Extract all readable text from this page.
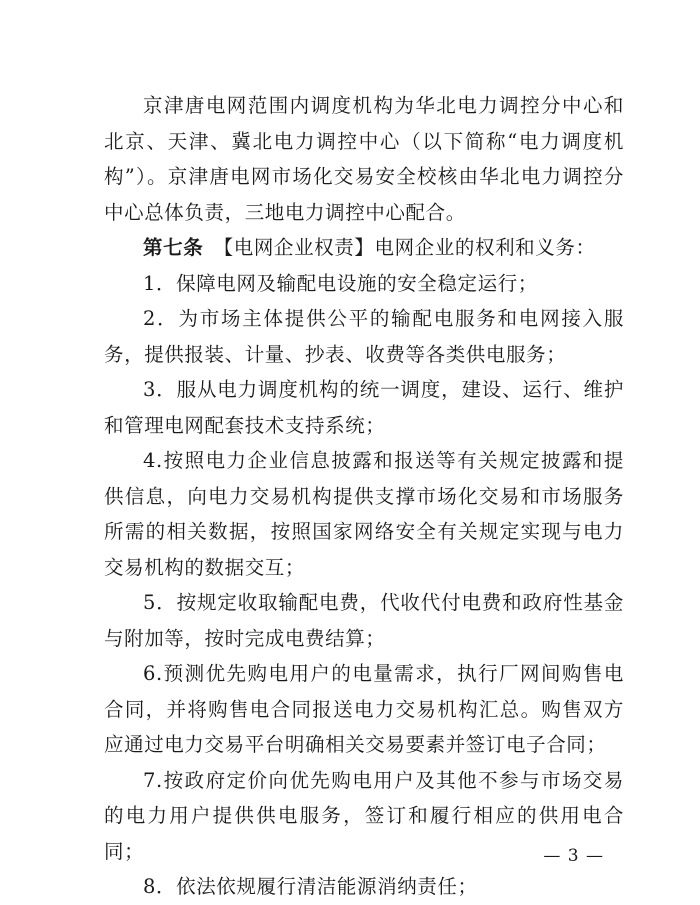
京津唐电网范围内调度机构为华北电力调控分中心和北京、天津、冀北电力调控中心（以下简称“电力调度机构”）。京津唐电网市场化交易安全校核由华北电力调控分中心总体负责，三地电力调控中心配合。

第七条　【电网企业权责】电网企业的权利和义务：

1．保障电网及输配电设施的安全稳定运行；

2．为市场主体提供公平的输配电服务和电网接入服务，提供报装、计量、抄表、收费等各类供电服务；

3．服从电力调度机构的统一调度，建设、运行、维护和管理电网配套技术支持系统；

4.按照电力企业信息披露和报送等有关规定披露和提供信息，向电力交易机构提供支撑市场化交易和市场服务所需的相关数据，按照国家网络安全有关规定实现与电力交易机构的数据交互；

5．按规定收取输配电费，代收代付电费和政府性基金与附加等，按时完成电费结算；

6.预测优先购电用户的电量需求，执行厂网间购售电合同，并将购售电合同报送电力交易机构汇总。购售双方应通过电力交易平台明确相关交易要素并签订电子合同；

7.按政府定价向优先购电用户及其他不参与市场交易的电力用户提供供电服务，签订和履行相应的供用电合同；

8．依法依规履行清洁能源消纳责任；

— 3 —
